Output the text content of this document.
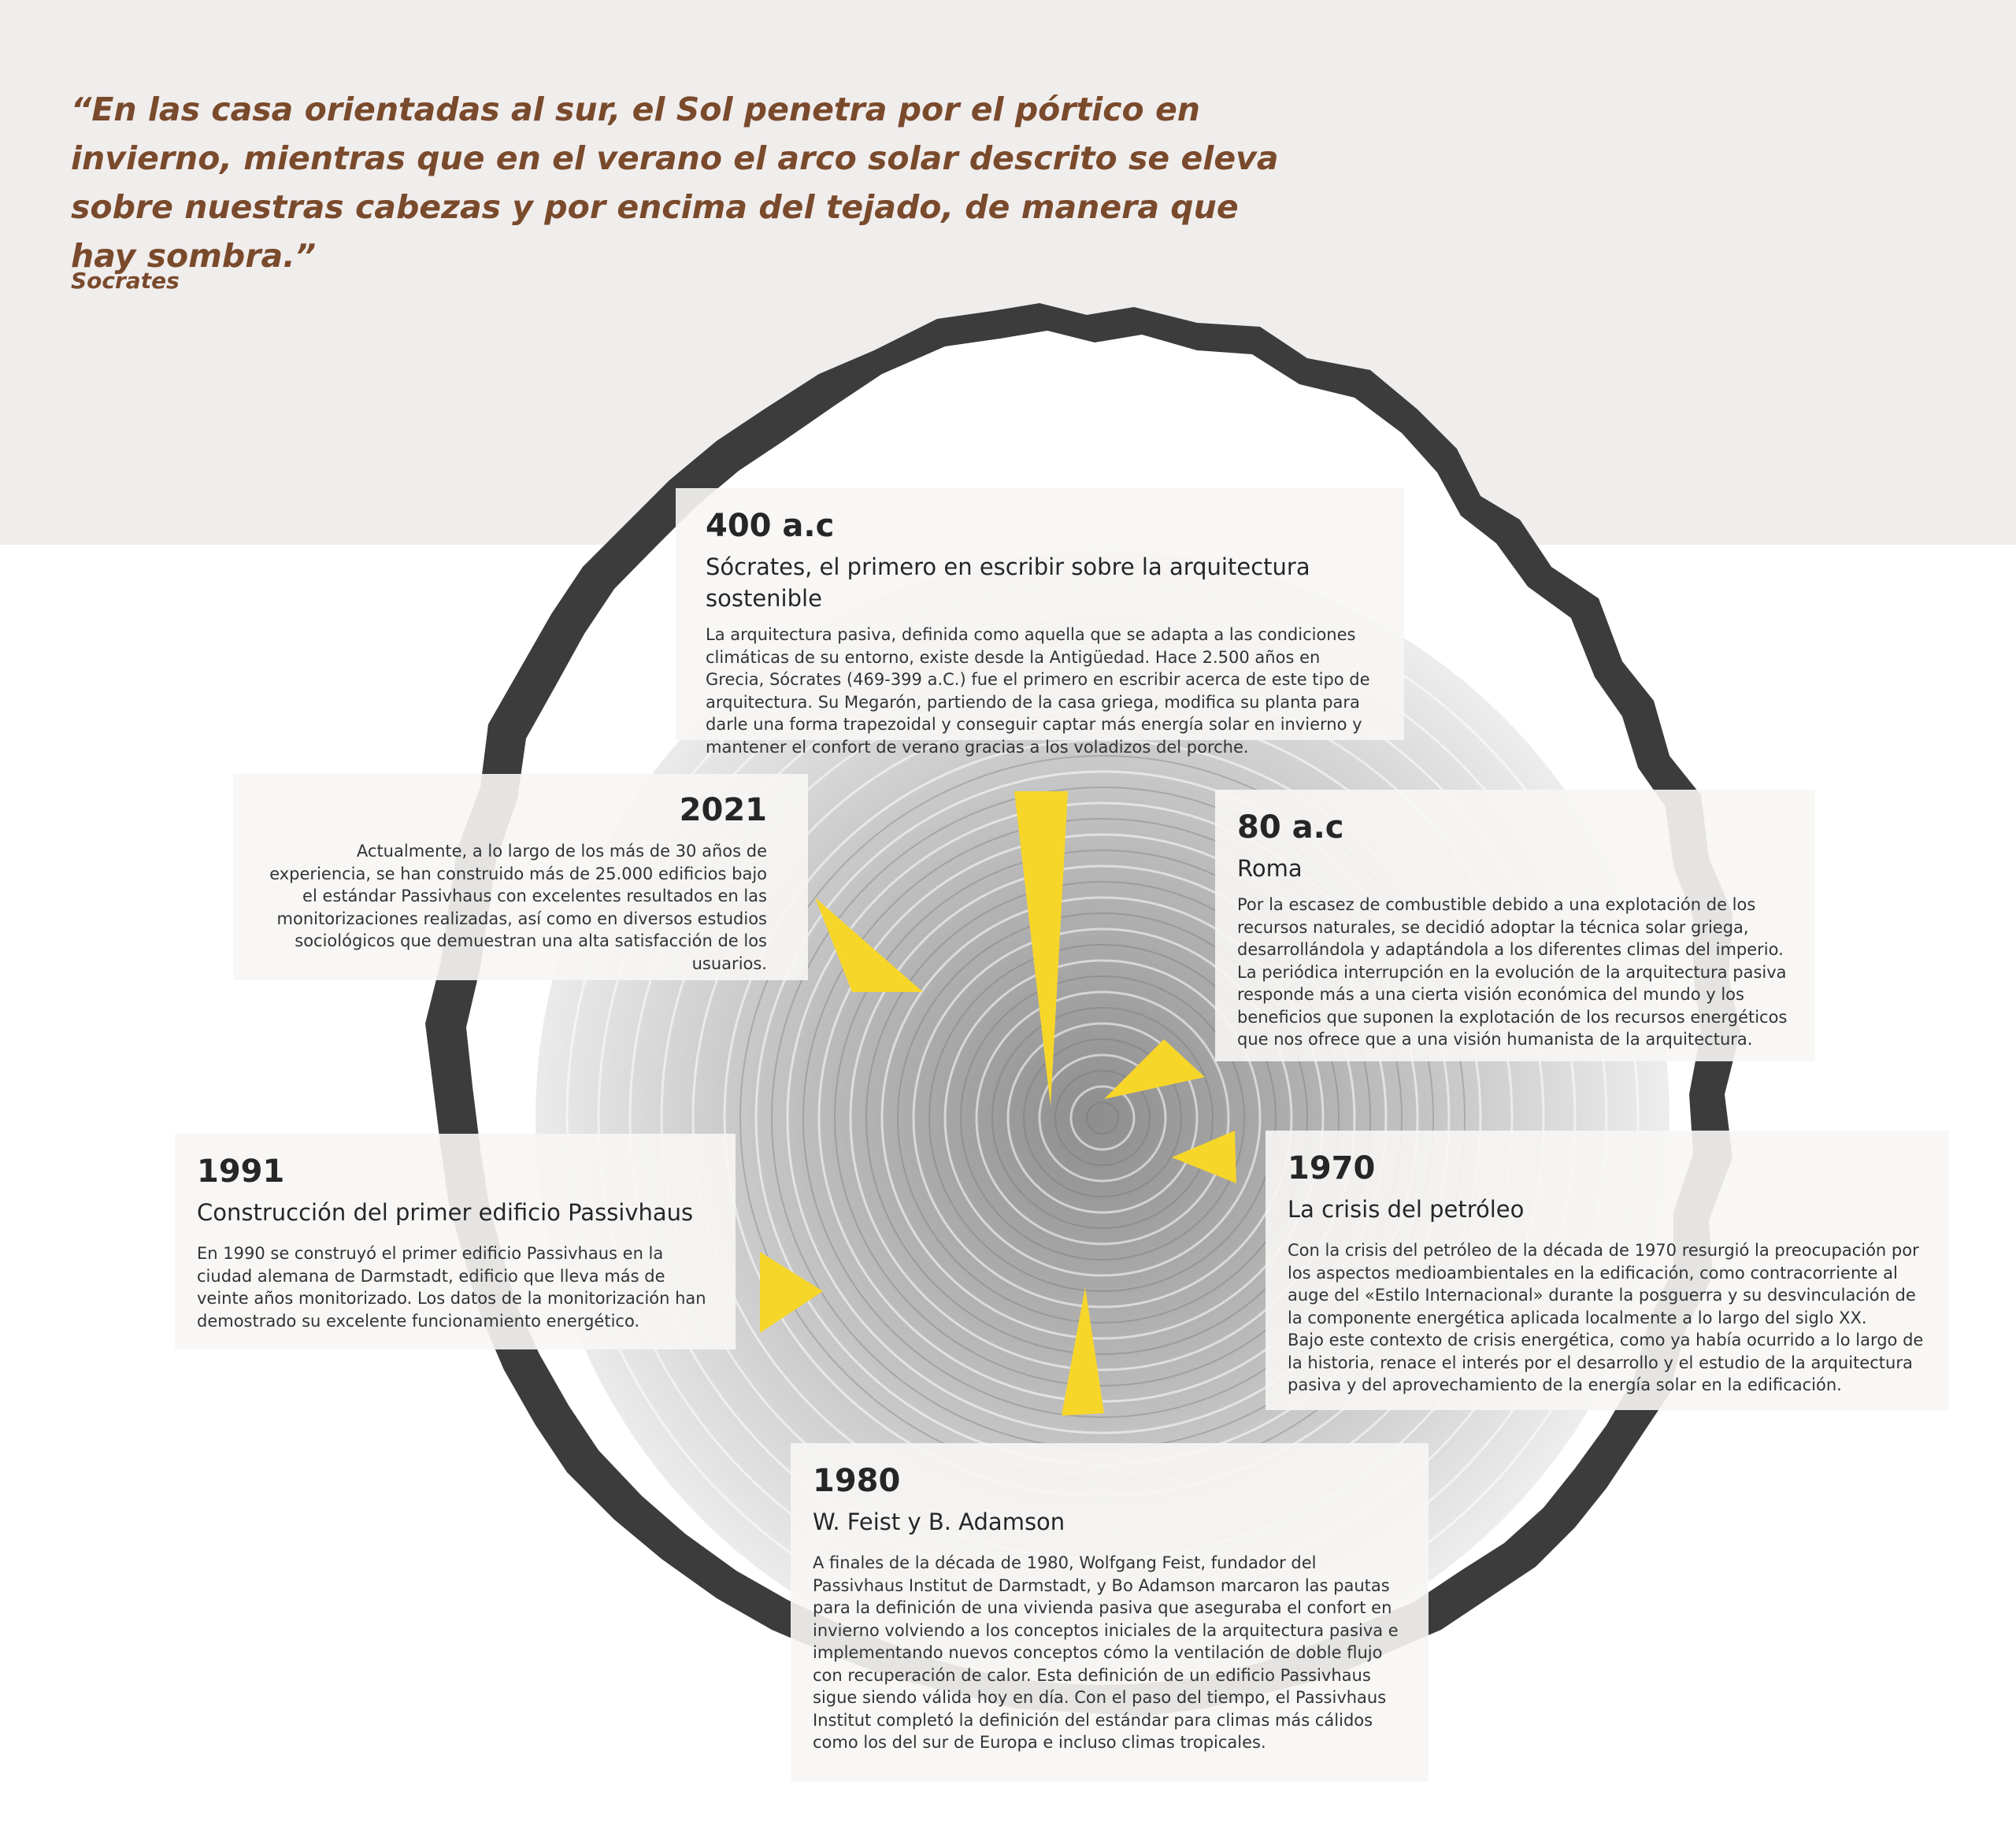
“En las casa orientadas al sur, el Sol penetra por el pórtico en invierno, mientras que en el verano el arco solar descrito se eleva sobre nuestras cabezas y por encima del tejado, de manera que hay sombra.”

Socrates
400 a.c
Sócrates, el primero en escribir sobre la arquitectura sostenible
La arquitectura pasiva, definida como aquella que se adapta a las condiciones climáticas de su entorno, existe desde la Antigüedad. Hace 2.500 años en Grecia, Sócrates (469-399 a.C.) fue el primero en escribir acerca de este tipo de arquitectura. Su Megarón, partiendo de la casa griega, modifica su planta para darle una forma trapezoidal y conseguir captar más energía solar en invierno y mantener el confort de verano gracias a los voladizos del porche.
2021
Actualmente, a lo largo de los más de 30 años de experiencia, se han construido más de 25.000 edificios bajo el estándar Passivhaus con excelentes resultados en las monitorizaciones realizadas, así como en diversos estudios sociológicos que demuestran una alta satisfacción de los usuarios.
80 a.c
Roma
Por la escasez de combustible debido a una explotación de los recursos naturales, se decidió adoptar la técnica solar griega, desarrollándola y adaptándola a los diferentes climas del imperio. La periódica interrupción en la evolución de la arquitectura pasiva responde más a una cierta visión económica del mundo y los beneficios que suponen la explotación de los recursos energéticos que nos ofrece que a una visión humanista de la arquitectura.
1991
Construcción del primer edificio Passivhaus
En 1990 se construyó el primer edificio Passivhaus en la ciudad alemana de Darmstadt, edificio que lleva más de veinte años monitorizado. Los datos de la monitorización han demostrado su excelente funcionamiento energético.
1970
La crisis del petróleo
Con la crisis del petróleo de la década de 1970 resurgió la preocupación por los aspectos medioambientales en la edificación, como contracorriente al auge del «Estilo Internacional» durante la posguerra y su desvinculación de la componente energética aplicada localmente a lo largo del siglo XX.
Bajo este contexto de crisis energética, como ya había ocurrido a lo largo de la historia, renace el interés por el desarrollo y el estudio de la arquitectura pasiva y del aprovechamiento de la energía solar en la edificación.
1980
W. Feist y B. Adamson
A finales de la década de 1980, Wolfgang Feist, fundador del Passivhaus Institut de Darmstadt, y Bo Adamson marcaron las pautas para la definición de una vivienda pasiva que aseguraba el confort en invierno volviendo a los conceptos iniciales de la arquitectura pasiva e implementando nuevos conceptos cómo la ventilación de doble flujo con recuperación de calor. Esta definición de un edificio Passivhaus sigue siendo válida hoy en día. Con el paso del tiempo, el Passivhaus Institut completó la definición del estándar para climas más cálidos como los del sur de Europa e incluso climas tropicales.
